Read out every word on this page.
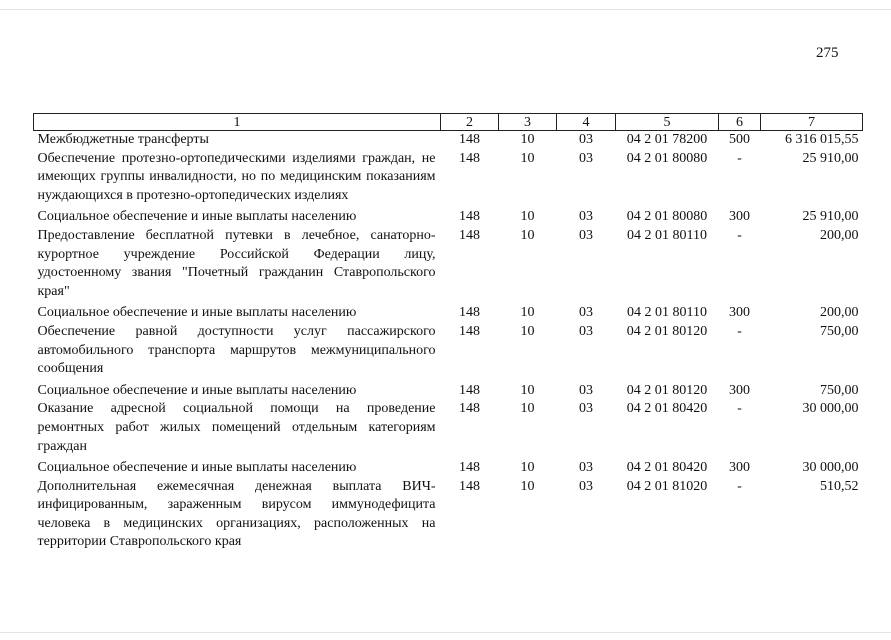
275
1	2	3	4	5	6	7
Межбюджетные трансферты	148	10	03	04 2 01 78200	500	6 316 015,55
Обеспечение протезно-ортопедическими изделиями граждан, не имеющих группы инвалидности, но по медицинским показаниям нуждающихся в протезно-ортопедических изделиях	148	10	03	04 2 01 80080	-	25 910,00
Социальное обеспечение и иные выплаты населению	148	10	03	04 2 01 80080	300	25 910,00
Предоставление бесплатной путевки в лечебное, санаторно-курортное учреждение Российской Федерации лицу, удостоенному звания "Почетный гражданин Ставропольского края"	148	10	03	04 2 01 80110	-	200,00
Социальное обеспечение и иные выплаты населению	148	10	03	04 2 01 80110	300	200,00
Обеспечение равной доступности услуг пассажирского автомобильного транспорта маршрутов межмуниципального сообщения	148	10	03	04 2 01 80120	-	750,00
Социальное обеспечение и иные выплаты населению	148	10	03	04 2 01 80120	300	750,00
Оказание адресной социальной помощи на проведение ремонтных работ жилых помещений отдельным категориям граждан	148	10	03	04 2 01 80420	-	30 000,00
Социальное обеспечение и иные выплаты населению	148	10	03	04 2 01 80420	300	30 000,00
Дополнительная ежемесячная денежная выплата ВИЧ-инфицированным, зараженным вирусом иммунодефицита человека в медицинских организациях, расположенных на территории Ставропольского края	148	10	03	04 2 01 81020	-	510,52
